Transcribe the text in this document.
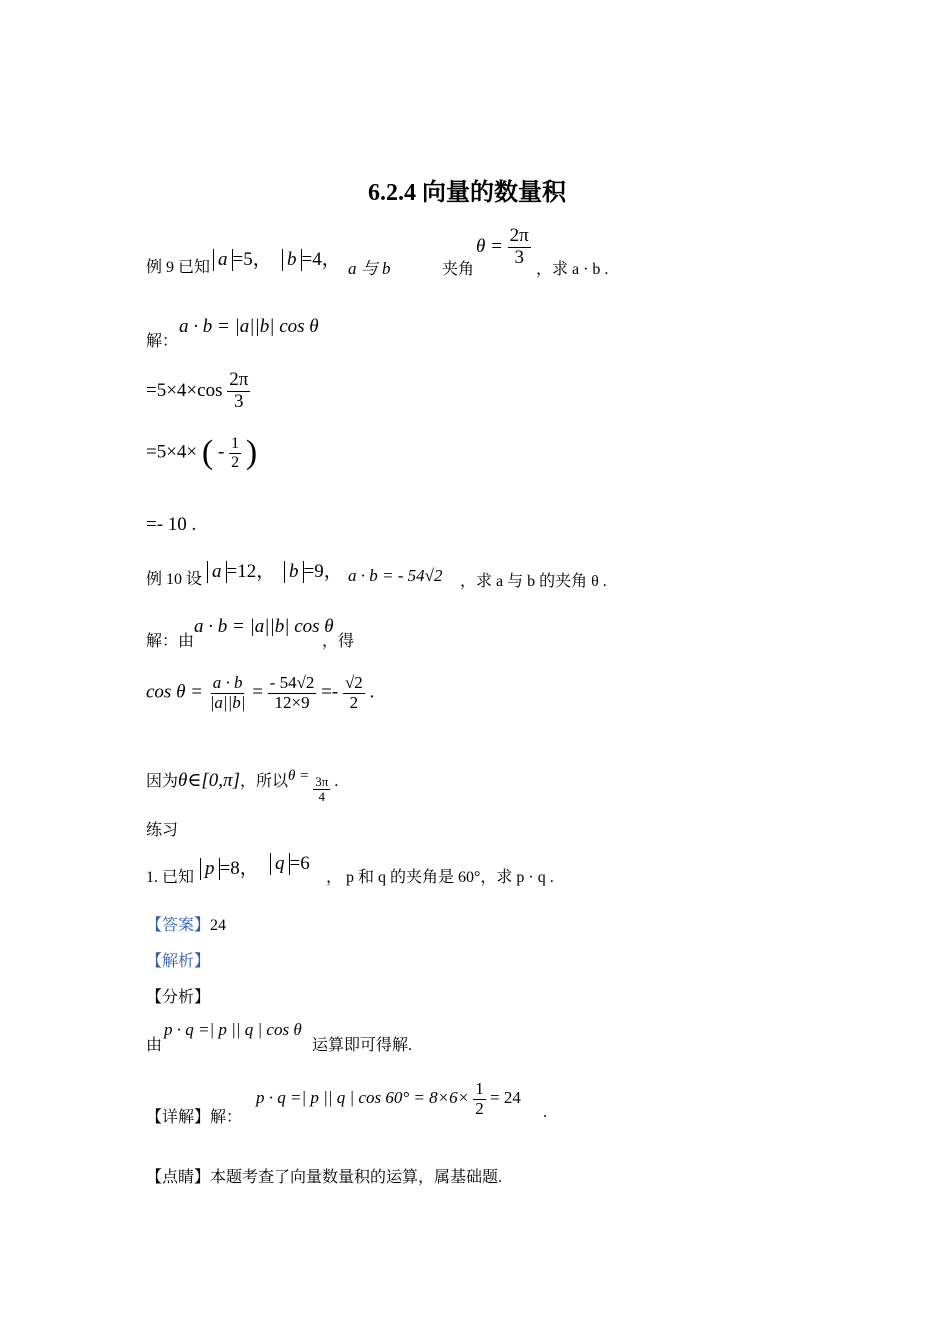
6.2.4 向量的数量积
例 9 已知 a =5， b =4， a 与 b	夹角
$\theta = \frac{2\pi}{3}$
，求 a · b .
解：
a · b = |a||b| cos θ
$=5\times 4\times\cos \frac{2\pi}{3}$
=5×4× ( - $\frac{1}{2}$ )
=- 10 .
例 10 设 a =12， b =9， a · b = - 54√2 ，求 a 与 b 的夹角 θ .
解：由
a · b = |a||b| cos θ
，得
$\cos \theta = \frac{a \cdot b}{|a||b|} = \frac{- 54√2}{12\times 9} =- \frac{√2}{2}$ .
因为θ∈[0,π]，所以$\theta = \frac{3\pi}{4}$ .
练习
1. 已知 p =8， q =6
， p 和 q 的夹角是 60°，求 p · q .
【答案】24
【解析】
【分析】
由
p · q =| p || q | cos θ
运算即可得解.
【详解】解：
p · q =| p || q | $\cos 60^\circ = 8\times 6\times \frac{1}{2} = 24$
.
【点睛】本题考查了向量数量积的运算，属基础题.
